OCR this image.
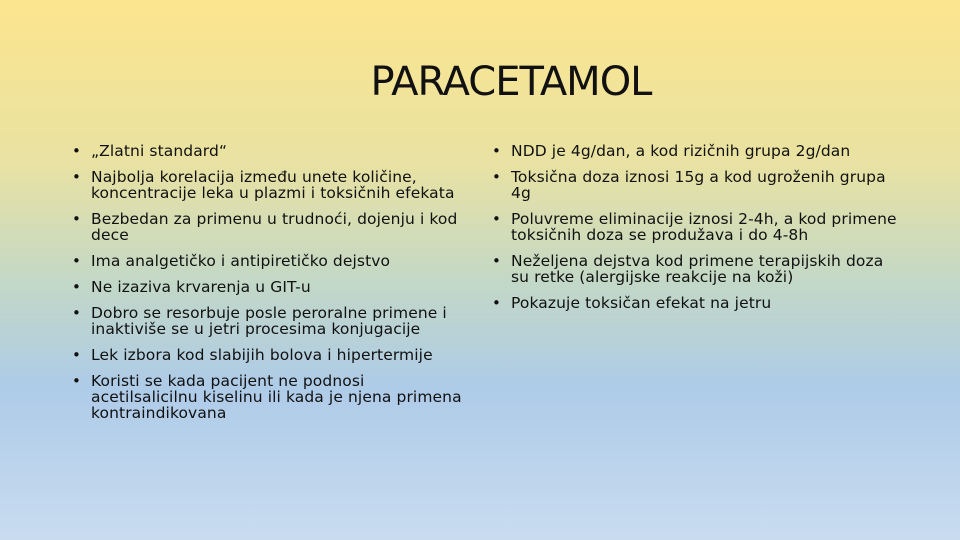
PARACETAMOL
• „Zlatni standard“
• Najbolja korelacija između unete količine, koncentracije leka u plazmi i toksičnih efekata
• Bezbedan za primenu u trudnoći, dojenju i kod dece
• Ima analgetičko i antipiretičko dejstvo
• Ne izaziva krvarenja u GIT-u
• Dobro se resorbuje posle peroralne primene i inaktiviše se u jetri procesima konjugacije
• Lek izbora kod slabijih bolova i hipertermije
• Koristi se kada pacijent ne podnosi acetilsalicilnu kiselinu ili kada je njena primena kontraindikovana
• NDD je 4g/dan, a kod rizičnih grupa 2g/dan
• Toksična doza iznosi 15g a kod ugroženih grupa 4g
• Poluvreme eliminacije iznosi 2-4h, a kod primene toksičnih doza se produžava i do 4-8h
• Neželjena dejstva kod primene terapijskih doza su retke (alergijske reakcije na koži)
• Pokazuje toksičan efekat na jetru
